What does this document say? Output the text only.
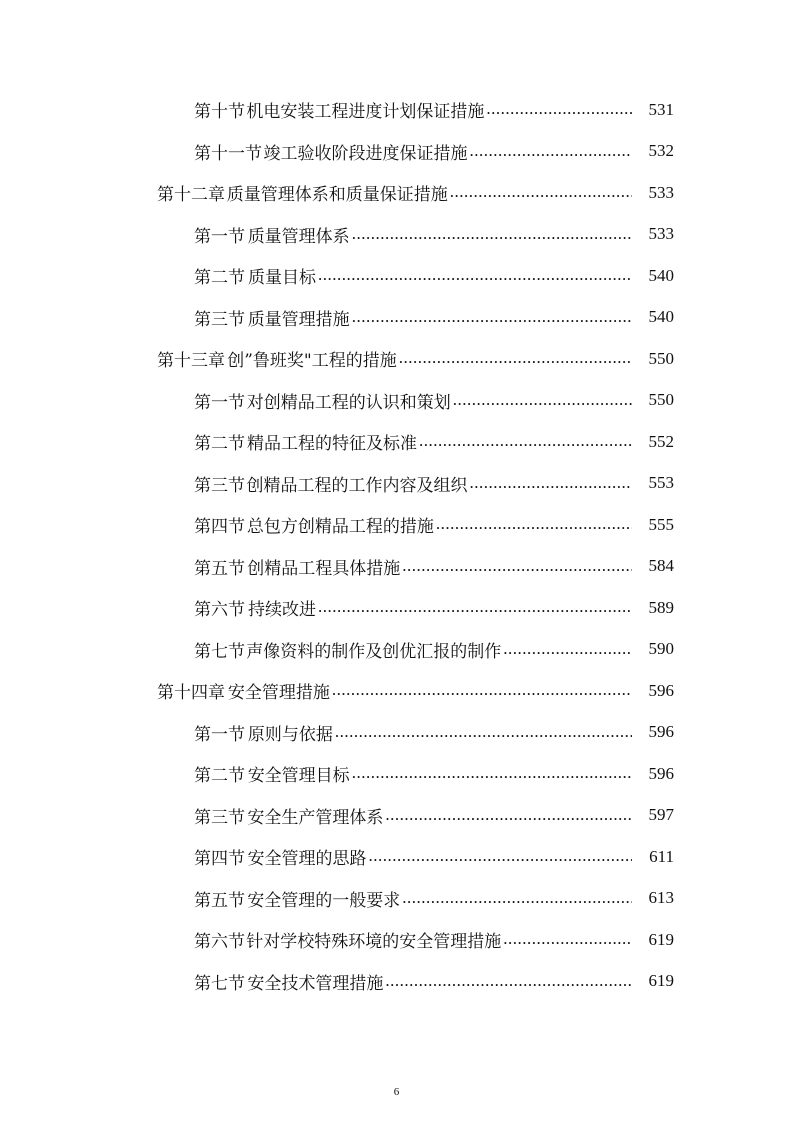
第十节 机电安装工程进度计划保证措施 .....	531
第十一节 竣工验收阶段进度保证措施 .....	532
第十二章 质量管理体系和质量保证措施 .....	533
第一节 质量管理体系 .....	533
第二节 质量目标 .....	540
第三节 质量管理措施 .....	540
第十三章 创”鲁班奖"工程的措施 .....	550
第一节 对创精品工程的认识和策划 .....	550
第二节 精品工程的特征及标准 .....	552
第三节 创精品工程的工作内容及组织 .....	553
第四节 总包方创精品工程的措施 .....	555
第五节 创精品工程具体措施 .....	584
第六节 持续改进 .....	589
第七节 声像资料的制作及创优汇报的制作 .....	590
第十四章 安全管理措施 .....	596
第一节 原则与依据 .....	596
第二节 安全管理目标 .....	596
第三节 安全生产管理体系 .....	597
第四节 安全管理的思路 .....	611
第五节 安全管理的一般要求 .....	613
第六节 针对学校特殊环境的安全管理措施 .....	619
第七节 安全技术管理措施 .....	619
6
